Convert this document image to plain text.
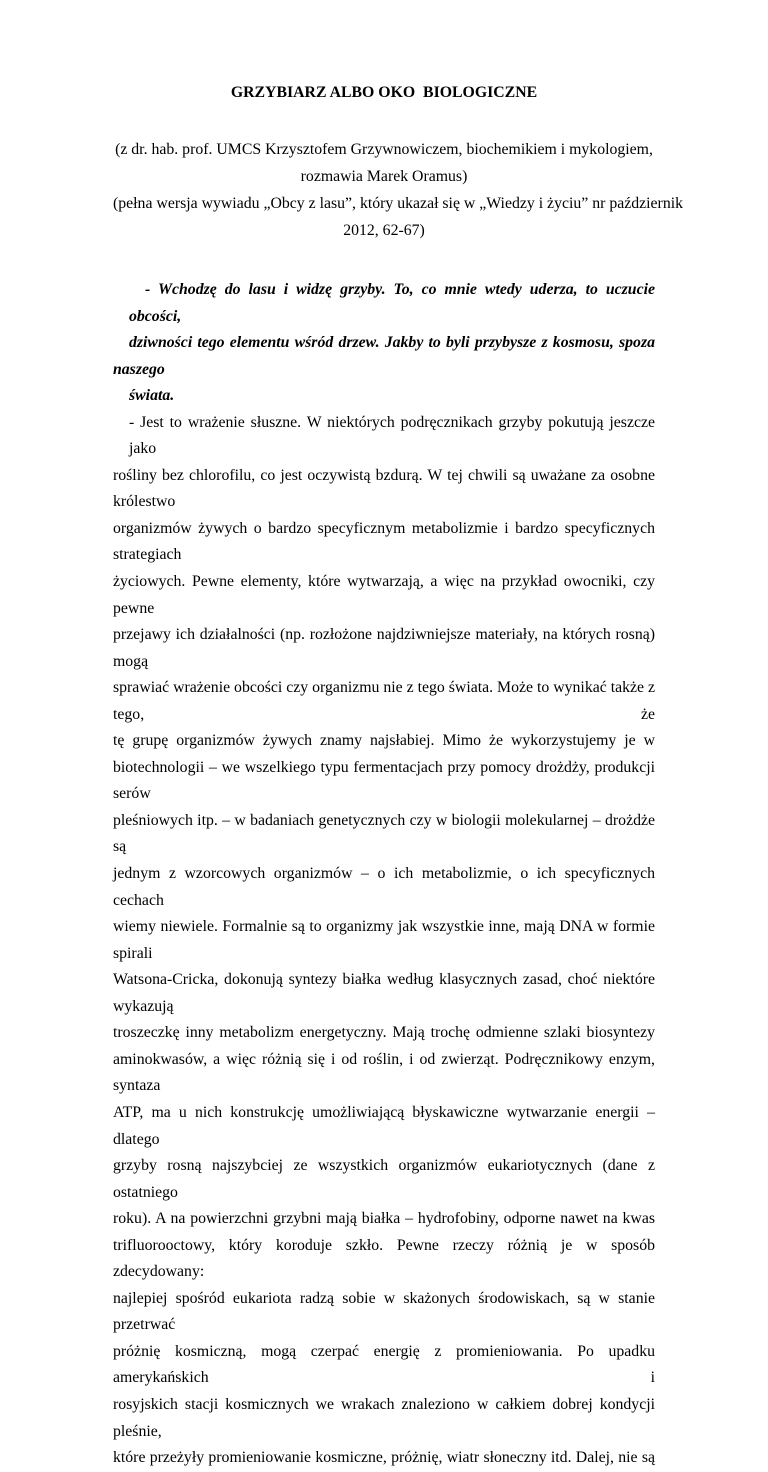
GRZYBIARZ ALBO OKO  BIOLOGICZNE
(z dr. hab. prof. UMCS Krzysztofem Grzywnowiczem, biochemikiem i mykologiem,
rozmawia Marek Oramus)
(pełna wersja wywiadu „Obcy z lasu”, który ukazał się w „Wiedzy i życiu” nr październik
2012, 62-67)
- Wchodzę do lasu i widzę grzyby. To, co mnie wtedy uderza, to uczucie obcości,
dziwności tego elementu wśród drzew. Jakby to byli przybysze z kosmosu, spoza naszego
świata.
- Jest to wrażenie słuszne. W niektórych podręcznikach grzyby pokutują jeszcze jako
rośliny bez chlorofilu, co jest oczywistą bzdurą. W tej chwili są uważane za osobne królestwo
organizmów żywych o bardzo specyficznym metabolizmie i bardzo specyficznych strategiach
życiowych. Pewne elementy, które wytwarzają, a więc na przykład owocniki, czy pewne
przejawy ich działalności (np. rozłożone najdziwniejsze materiały, na których rosną) mogą
sprawiać wrażenie obcości czy organizmu nie z tego świata. Może to wynikać także z tego, że
tę grupę organizmów żywych znamy najsłabiej. Mimo że wykorzystujemy je w
biotechnologii – we wszelkiego typu fermentacjach przy pomocy drożdży, produkcji serów
pleśniowych itp. – w badaniach genetycznych czy w biologii molekularnej – drożdże są
jednym z wzorcowych organizmów – o ich metabolizmie, o ich specyficznych cechach
wiemy niewiele. Formalnie są to organizmy jak wszystkie inne, mają DNA w formie spirali
Watsona-Cricka, dokonują syntezy białka według klasycznych zasad, choć niektóre wykazują
troszeczkę inny metabolizm energetyczny. Mają trochę odmienne szlaki biosyntezy
aminokwasów, a więc różnią się i od roślin, i od zwierząt. Podręcznikowy enzym, syntaza
ATP, ma u nich konstrukcję umożliwiającą błyskawiczne wytwarzanie energii – dlatego
grzyby rosną najszybciej ze wszystkich organizmów eukariotycznych (dane z ostatniego
roku). A na powierzchni grzybni mają białka – hydrofobiny, odporne nawet na kwas
trifluorooctowy, który koroduje szkło. Pewne rzeczy różnią je w sposób zdecydowany:
najlepiej spośród eukariota radzą sobie w skażonych środowiskach, są w stanie przetrwać
próżnię kosmiczną, mogą czerpać energię z promieniowania. Po upadku amerykańskich i
rosyjskich stacji kosmicznych we wrakach znaleziono w całkiem dobrej kondycji pleśnie,
które przeżyły promieniowanie kosmiczne, próżnię, wiatr słoneczny itd. Dalej, nie są
